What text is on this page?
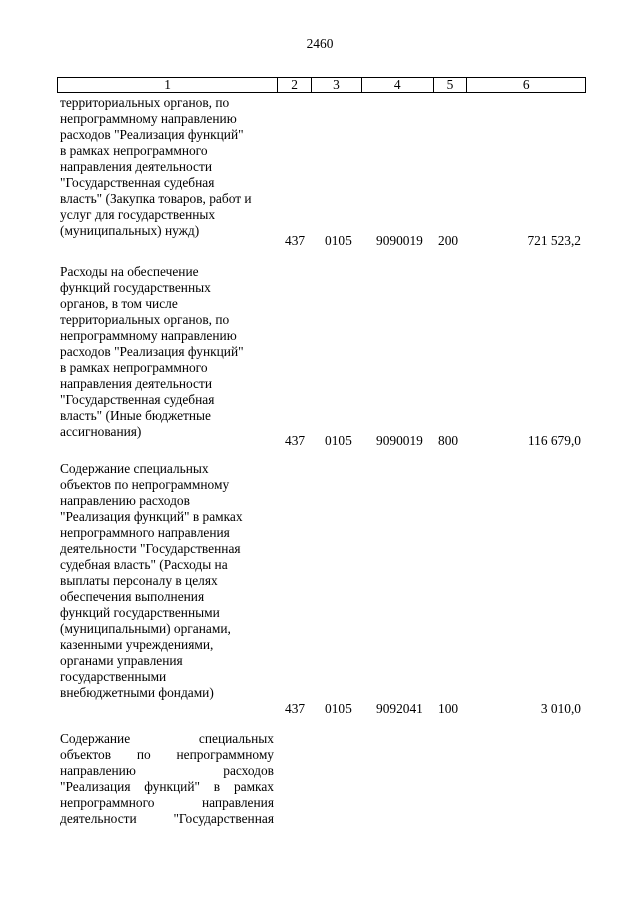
2460
1	2	3	4	5	6
территориальных органов, по
непрограммному направлению
расходов "Реализация функций"
в рамках непрограммного
направления деятельности
"Государственная судебная
власть" (Закупка товаров, работ и
услуг для государственных
(муниципальных) нужд)
437 0105 9090019 200	721 523,2
Расходы на обеспечение
функций государственных
органов, в том числе
территориальных органов, по
непрограммному направлению
расходов "Реализация функций"
в рамках непрограммного
направления деятельности
"Государственная судебная
власть" (Иные бюджетные
ассигнования)
437 0105 9090019 800	116 679,0
Содержание специальных
объектов по непрограммному
направлению расходов
"Реализация функций" в рамках
непрограммного направления
деятельности "Государственная
судебная власть" (Расходы на
выплаты персоналу в целях
обеспечения выполнения
функций государственными
(муниципальными) органами,
казенными учреждениями,
органами управления
государственными
внебюджетными фондами)
437 0105 9092041 100	3 010,0
Содержание специальных
объектов по непрограммному
направлению расходов
"Реализация функций" в рамках
непрограммного направления
деятельности "Государственная
